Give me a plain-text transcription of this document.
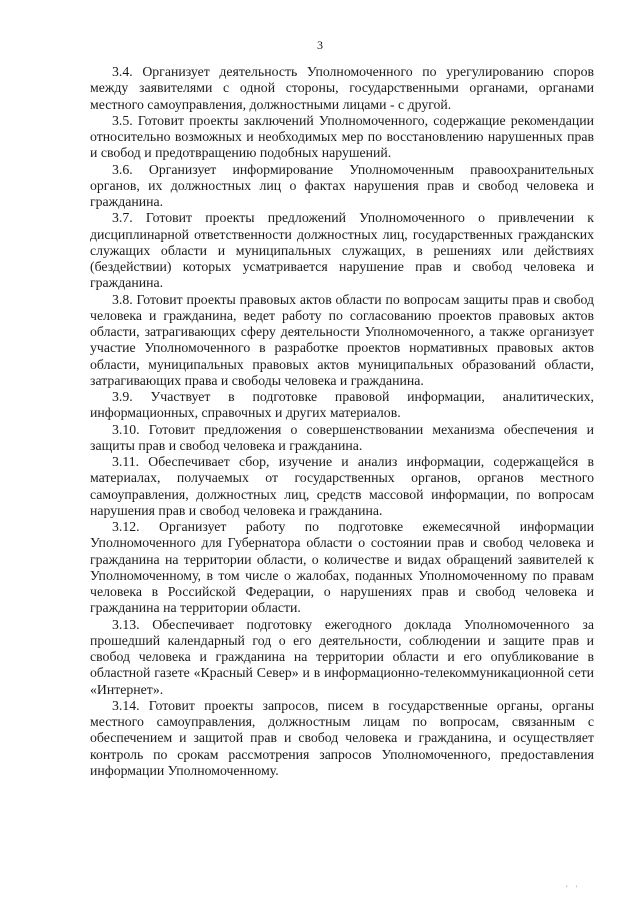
3

3.4. Организует деятельность Уполномоченного по урегулированию споров между заявителями с одной стороны, государственными органами, органами местного самоуправления, должностными лицами - с другой.

3.5. Готовит проекты заключений Уполномоченного, содержащие рекомендации относительно возможных и необходимых мер по восстановлению нарушенных прав и свобод и предотвращению подобных нарушений.

3.6. Организует информирование Уполномоченным правоохранительных органов, их должностных лиц о фактах нарушения прав и свобод человека и гражданина.

3.7. Готовит проекты предложений Уполномоченного о привлечении к дисциплинарной ответственности должностных лиц, государственных гражданских служащих области и муниципальных служащих, в решениях или действиях (бездействии) которых усматривается нарушение прав и свобод человека и гражданина.

3.8. Готовит проекты правовых актов области по вопросам защиты прав и свобод человека и гражданина, ведет работу по согласованию проектов правовых актов области, затрагивающих сферу деятельности Уполномоченного, а также организует участие Уполномоченного в разработке проектов нормативных правовых актов области, муниципальных правовых актов муниципальных образований области, затрагивающих права и свободы человека и гражданина.

3.9. Участвует в подготовке правовой информации, аналитических, информационных, справочных и других материалов.

3.10. Готовит предложения о совершенствовании механизма обеспечения и защиты прав и свобод человека и гражданина.

3.11. Обеспечивает сбор, изучение и анализ информации, содержащейся в материалах, получаемых от государственных органов, органов местного самоуправления, должностных лиц, средств массовой информации, по вопросам нарушения прав и свобод человека и гражданина.

3.12. Организует работу по подготовке ежемесячной информации Уполномоченного для Губернатора области о состоянии прав и свобод человека и гражданина на территории области, о количестве и видах обращений заявителей к Уполномоченному, в том числе о жалобах, поданных Уполномоченному по правам человека в Российской Федерации, о нарушениях прав и свобод человека и гражданина на территории области.

3.13. Обеспечивает подготовку ежегодного доклада Уполномоченного за прошедший календарный год о его деятельности, соблюдении и защите прав и свобод человека и гражданина на территории области и его опубликование в областной газете «Красный Север» и в информационно-телекоммуникационной сети «Интернет».

3.14. Готовит проекты запросов, писем в государственные органы, органы местного самоуправления, должностным лицам по вопросам, связанным с обеспечением и защитой прав и свобод человека и гражданина, и осуществляет контроль по срокам рассмотрения запросов Уполномоченного, предоставления информации Уполномоченному.

' '
